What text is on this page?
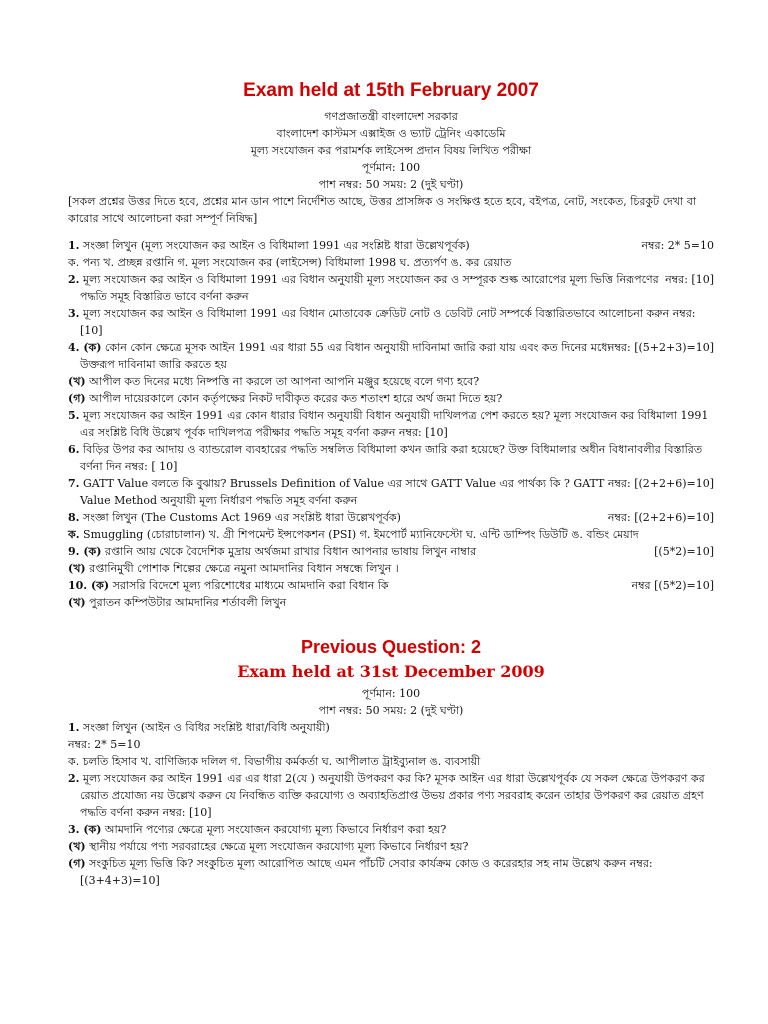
Exam held at 15th February 2007
গণপ্রজাতন্ত্রী বাংলাদেশ সরকার
বাংলাদেশ কাস্টমস এক্সাইজ ও ভ্যাট ট্রেনিং একাডেমি
মূল্য সংযোজন কর পরামর্শক লাইসেন্স প্রদান বিষয় লিখিত পরীক্ষা
পূর্ণমান: 100
পাশ নম্বর: 50 সময়: 2 (দুই ঘণ্টা)

[সকল প্রশ্নের উত্তর দিতে হবে, প্রশ্নের মান ডান পাশে নির্দেশিত আছে, উত্তর প্রাসঙ্গিক ও সংক্ষিপ্ত হতে হবে, বইপত্র, নোট, সংকেত, চিরকুট দেখা বা কারোর সাথে আলোচনা করা সম্পূর্ণ নিষিদ্ধ]

নম্বর: 2* 5=10
1. সংজ্ঞা লিখুন (মূল্য সংযোজন কর আইন ও বিধিমালা 1991 এর সংশ্লিষ্ট ধারা উল্লেখপূর্বক)

ক. পন্য খ. প্রচ্ছন্ন রপ্তানি গ. মূল্য সংযোজন কর (লাইসেন্স) বিধিমালা 1998 ঘ. প্রত্যর্পণ ঙ. কর রেয়াত

নম্বর: [10]
2. মূল্য সংযোজন কর আইন ও বিধিমালা 1991 এর বিধান অনুযায়ী মূল্য সংযোজন কর ও সম্পূরক শুল্ক আরোপের মূল্য ভিত্তি নিরূপণের পদ্ধতি সমূহ বিস্তারিত ভাবে বর্ণনা করুন

3. মূল্য সংযোজন কর আইন ও বিধিমালা 1991 এর বিধান মোতাবেক ক্রেডিট নোট ও ডেবিট নোট সম্পর্কে বিস্তারিতভাবে আলোচনা করুন নম্বর: [10]

নম্বর: [(5+2+3)=10]
4. (ক) কোন কোন ক্ষেত্রে মূসক আইন 1991 এর ধারা 55 এর বিধান অনুযায়ী দাবিনামা জারি করা যায় এবং কত দিনের মধ্যে উক্তরূপ দাবিনামা জারি করতে হয়

(খ) আপীল কত দিনের মধ্যে নিষ্পত্তি না করলে তা আপনা আপনি মঞ্জুর হয়েছে বলে গণ্য হবে?

(গ) আপীল দায়েরকালে কোন কর্তৃপক্ষের নিকট দাবীকৃত করের কত শতাংশ হারে অর্থ জমা দিতে হয়?

5. মূল্য সংযোজন কর আইন 1991 এর কোন ধারার বিধান অনুযায়ী বিধান অনুযায়ী দাখিলপত্র পেশ করতে হয়? মূল্য সংযোজন কর বিধিমালা 1991 এর সংশ্লিষ্ট বিধি উল্লেখ পূর্বক দাখিলপত্র পরীক্ষার পদ্ধতি সমূহ বর্ণনা করুন নম্বর: [10]

6. বিড়ির উপর কর আদায় ও ব্যান্ডরোল ব্যবহারের পদ্ধতি সম্বলিত বিধিমালা কখন জারি করা হয়েছে? উক্ত বিধিমালার অধীন বিধানাবলীর বিস্তারিত বর্ণনা দিন নম্বর: [ 10]

নম্বর: [(2+2+6)=10]
7. GATT Value বলতে কি বুঝায়? Brussels Definition of Value এর সাথে GATT Value এর পার্থক্য কি ? GATT Value Method অনুযায়ী মূল্য নির্ধারণ পদ্ধতি সমূহ বর্ণনা করুন

নম্বর: [(2+2+6)=10]
8. সংজ্ঞা লিখুন (The Customs Act 1969 এর সংশ্লিষ্ট ধারা উল্লেখপূর্বক)

ক. Smuggling (চোরাচালান) খ. গ্রী শিপমেন্ট ইন্সপেকশন (PSI) গ. ইমপোর্ট ম্যানিফেস্টো ঘ. এন্টি ডাম্পিং ডিউটি ঙ. বন্ডিং মেয়াদ

[(5*2)=10]
9. (ক) রপ্তানি আয় থেকে বৈদেশিক মুদ্রায় অর্থজমা রাখার বিধান আপনার ভাষায় লিখুন নাম্বার

(খ) রপ্তানিমুখী পোশাক শিল্পের ক্ষেত্রে নমুনা আমদানির বিধান সম্বন্ধে লিখুন ।

নম্বর [(5*2)=10]
10. (ক) সরাসরি বিদেশে মূল্য পরিশোধের মাধ্যমে আমদানি করা বিধান কি

(খ) পুরাতন কম্পিউটার আমদানির শর্তাবলী লিখুন

Previous Question: 2
Exam held at 31st December 2009
পূর্ণমান: 100
পাশ নম্বর: 50 সময়: 2 (দুই ঘণ্টা)

1. সংজ্ঞা লিখুন (আইন ও বিধির সংশ্লিষ্ট ধারা/বিধি অনুযায়ী)

নম্বর: 2* 5=10

ক. চলতি হিসাব খ. বাণিজ্যিক দলিল গ. বিভাগীয় কর্মকর্তা ঘ. আপীলাত ট্রাইব্যুনাল ঙ. ব্যবসায়ী

2. মূল্য সংযোজন কর আইন 1991 এর এর ধারা 2(যে ) অনুযায়ী উপকরণ কর কি? মূসক আইন এর ধারা উল্লেখপূর্বক যে সকল ক্ষেত্রে উপকরণ কর রেয়াত প্রযোজ্য নয় উল্লেখ করুন যে নিবন্ধিত ব্যক্তি করযোগ্য ও অব্যাহতিপ্রাপ্ত উভয় প্রকার পণ্য সরবরাহ করেন তাহার উপকরণ কর রেয়াত গ্রহণ পদ্ধতি বর্ণনা করুন নম্বর: [10]

3. (ক) আমদানি পণ্যের ক্ষেত্রে মূল্য সংযোজন করযোগ্য মূল্য কিভাবে নির্ধারণ করা হয়?

(খ) স্থানীয় পর্যায়ে পণ্য সরবরাহের ক্ষেত্রে মূল্য সংযোজন করযোগ্য মূল্য কিভাবে নির্ধারণ হয়?

(গ) সংকুচিত মূল্য ভিত্তি কি? সংকুচিত মূল্য আরোপিত আছে এমন পাঁচটি সেবার কার্যক্রম কোড ও করেরহার সহ নাম উল্লেখ করুন নম্বর: [(3+4+3)=10]
